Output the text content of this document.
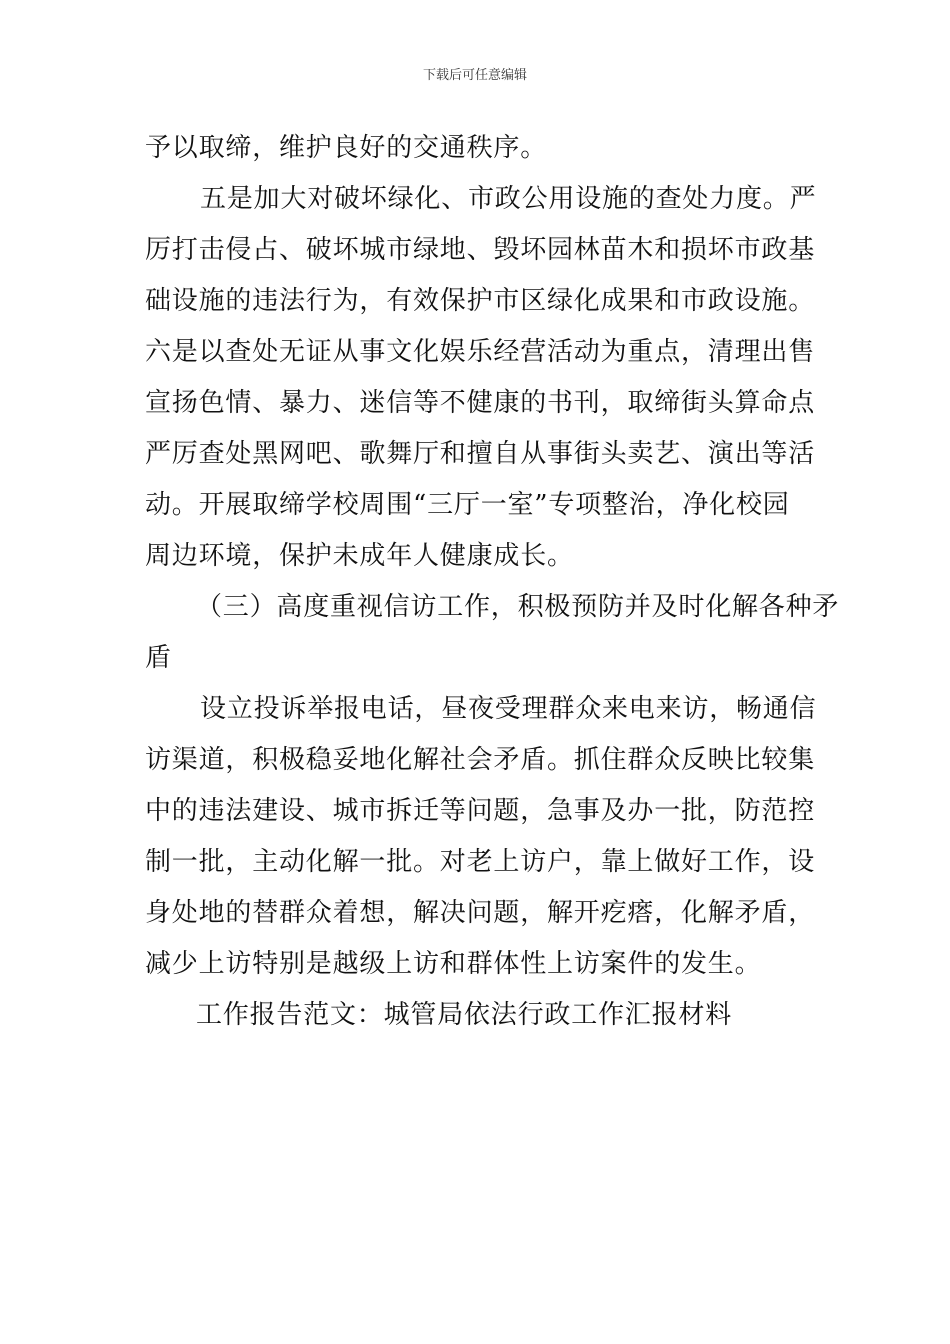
下载后可任意编辑
予以取缔，维护良好的交通秩序。
五是加大对破坏绿化、市政公用设施的查处力度。严
厉打击侵占、破坏城市绿地、毁坏园林苗木和损坏市政基
础设施的违法行为，有效保护市区绿化成果和市政设施。
六是以查处无证从事文化娱乐经营活动为重点，清理出售
宣扬色情、暴力、迷信等不健康的书刊，取缔街头算命点
严厉查处黑网吧、歌舞厅和擅自从事街头卖艺、演出等活
动。开展取缔学校周围“三厅一室”专项整治，净化校园
周边环境，保护未成年人健康成长。
（三）高度重视信访工作，积极预防并及时化解各种矛
盾
设立投诉举报电话，昼夜受理群众来电来访，畅通信
访渠道，积极稳妥地化解社会矛盾。抓住群众反映比较集
中的违法建设、城市拆迁等问题，急事及办一批，防范控
制一批，主动化解一批。对老上访户，靠上做好工作，设
身处地的替群众着想，解决问题，解开疙瘩，化解矛盾，
减少上访特别是越级上访和群体性上访案件的发生。
工作报告范文：城管局依法行政工作汇报材料
